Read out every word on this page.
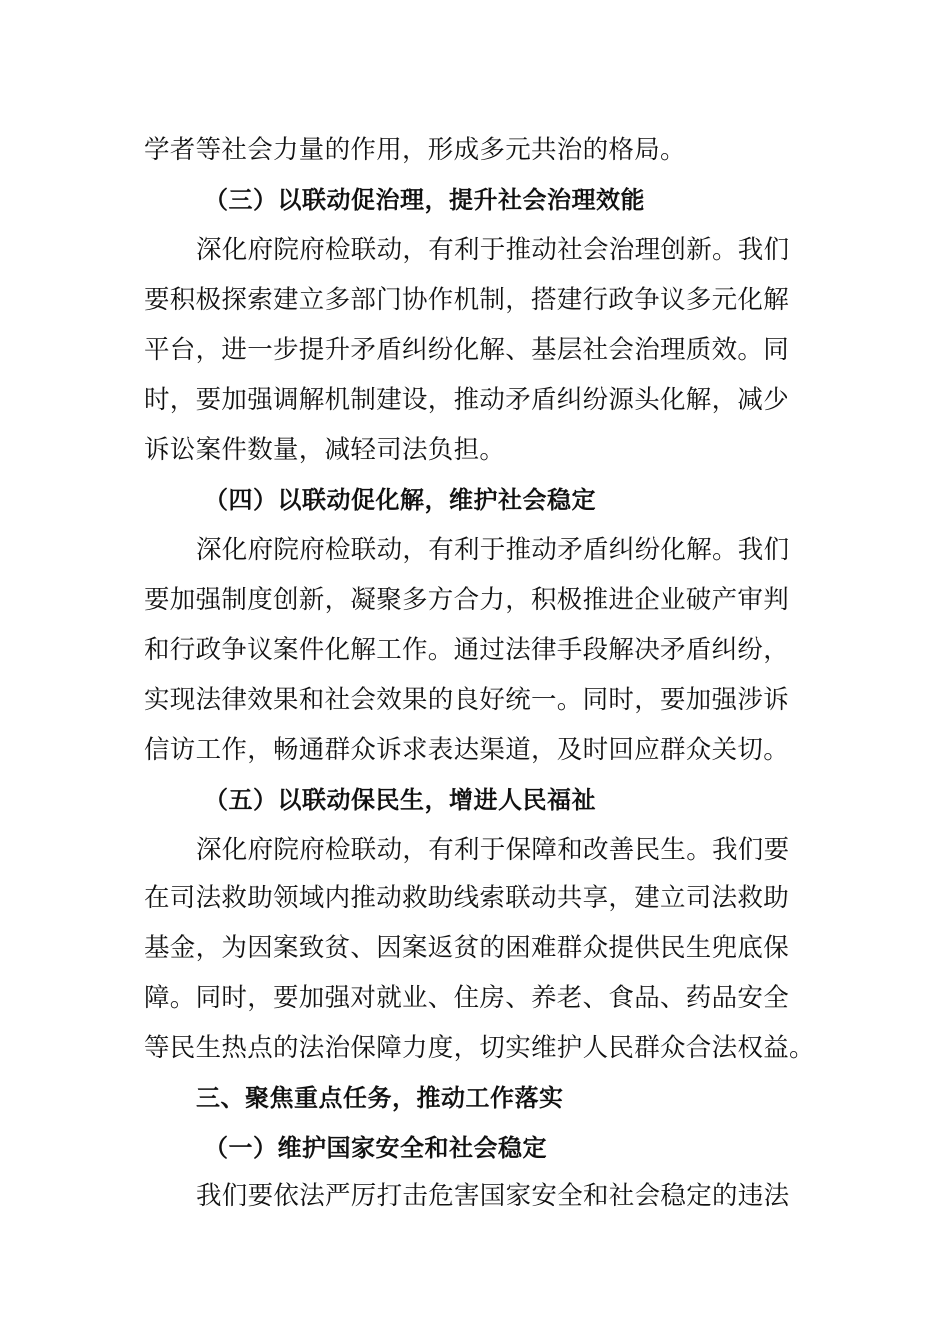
学者等社会力量的作用，形成多元共治的格局。
（三）以联动促治理，提升社会治理效能
深化府院府检联动，有利于推动社会治理创新。我们
要积极探索建立多部门协作机制，搭建行政争议多元化解
平台，进一步提升矛盾纠纷化解、基层社会治理质效。同
时，要加强调解机制建设，推动矛盾纠纷源头化解，减少
诉讼案件数量，减轻司法负担。
（四）以联动促化解，维护社会稳定
深化府院府检联动，有利于推动矛盾纠纷化解。我们
要加强制度创新，凝聚多方合力，积极推进企业破产审判
和行政争议案件化解工作。通过法律手段解决矛盾纠纷，
实现法律效果和社会效果的良好统一。同时，要加强涉诉
信访工作，畅通群众诉求表达渠道，及时回应群众关切。
（五）以联动保民生，增进人民福祉
深化府院府检联动，有利于保障和改善民生。我们要
在司法救助领域内推动救助线索联动共享，建立司法救助
基金，为因案致贫、因案返贫的困难群众提供民生兜底保
障。同时，要加强对就业、住房、养老、食品、药品安全
等民生热点的法治保障力度，切实维护人民群众合法权益。
三、聚焦重点任务，推动工作落实
（一）维护国家安全和社会稳定
我们要依法严厉打击危害国家安全和社会稳定的违法
